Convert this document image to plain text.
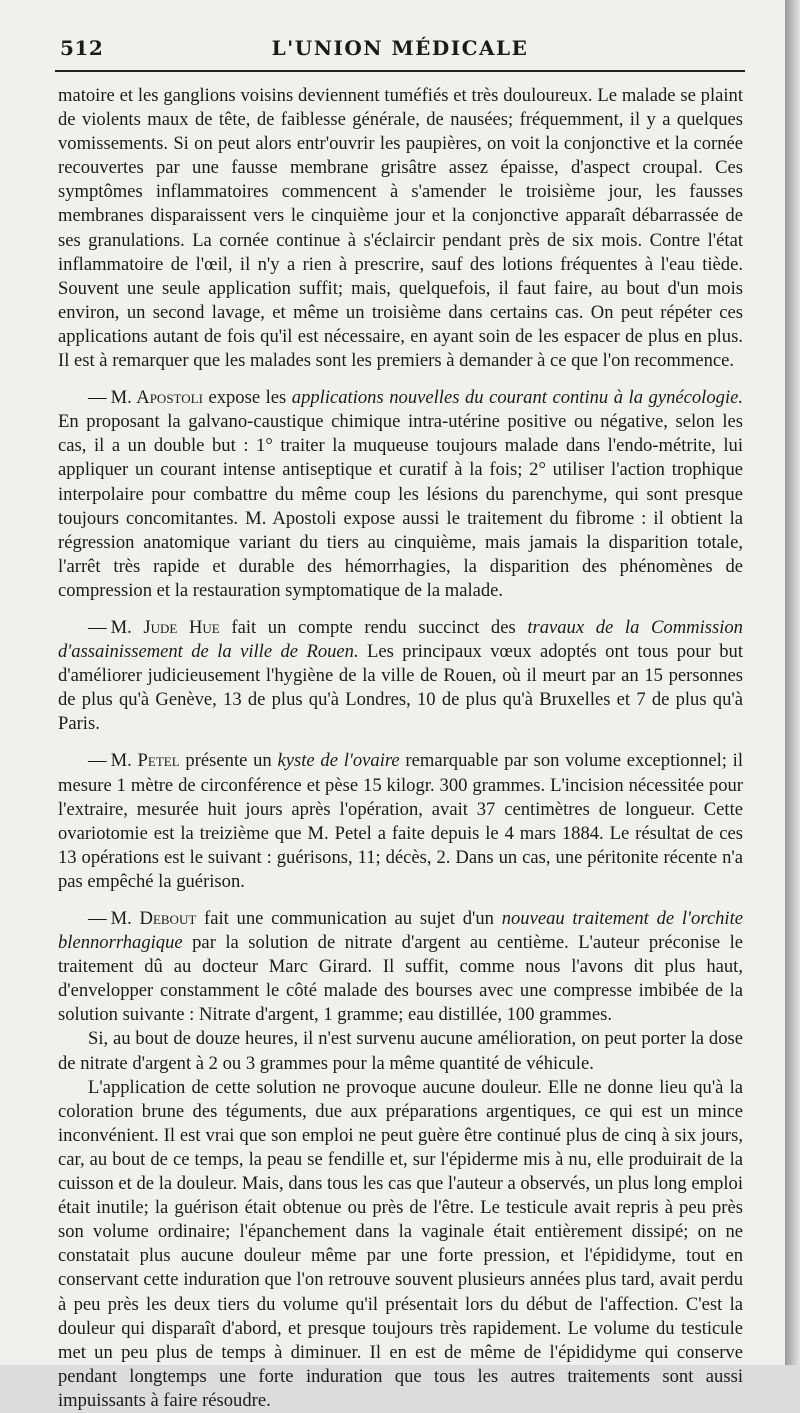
512	L'UNION MÉDICALE

matoire et les ganglions voisins deviennent tuméfiés et très douloureux. Le malade se plaint de violents maux de tête, de faiblesse générale, de nausées; fréquemment, il y a quelques vomissements. Si on peut alors entr'ouvrir les paupières, on voit la conjonctive et la cornée recouvertes par une fausse membrane grisâtre assez épaisse, d'aspect croupal. Ces symptômes inflammatoires commencent à s'amender le troisième jour, les fausses membranes disparaissent vers le cinquième jour et la conjonctive apparaît débarrassée de ses granulations. La cornée continue à s'éclaircir pendant près de six mois. Contre l'état inflammatoire de l'œil, il n'y a rien à prescrire, sauf des lotions fréquentes à l'eau tiède. Souvent une seule application suffit; mais, quelquefois, il faut faire, au bout d'un mois environ, un second lavage, et même un troisième dans certains cas. On peut répéter ces applications autant de fois qu'il est nécessaire, en ayant soin de les espacer de plus en plus. Il est à remarquer que les malades sont les premiers à demander à ce que l'on recommence.

— M. Apostoli expose les applications nouvelles du courant continu à la gynécologie. En proposant la galvano-caustique chimique intra-utérine positive ou négative, selon les cas, il a un double but : 1° traiter la muqueuse toujours malade dans l'endo-métrite, lui appliquer un courant intense antiseptique et curatif à la fois; 2° utiliser l'action trophique interpolaire pour combattre du même coup les lésions du parenchyme, qui sont presque toujours concomitantes. M. Apostoli expose aussi le traitement du fibrome : il obtient la régression anatomique variant du tiers au cinquième, mais jamais la disparition totale, l'arrêt très rapide et durable des hémorrhagies, la disparition des phénomènes de compression et la restauration symptomatique de la malade.

— M. Jude Hue fait un compte rendu succinct des travaux de la Commission d'assainissement de la ville de Rouen. Les principaux vœux adoptés ont tous pour but d'améliorer judicieusement l'hygiène de la ville de Rouen, où il meurt par an 15 personnes de plus qu'à Genève, 13 de plus qu'à Londres, 10 de plus qu'à Bruxelles et 7 de plus qu'à Paris.

— M. Petel présente un kyste de l'ovaire remarquable par son volume exceptionnel; il mesure 1 mètre de circonférence et pèse 15 kilogr. 300 grammes. L'incision nécessitée pour l'extraire, mesurée huit jours après l'opération, avait 37 centimètres de longueur. Cette ovariotomie est la treizième que M. Petel a faite depuis le 4 mars 1884. Le résultat de ces 13 opérations est le suivant : guérisons, 11; décès, 2. Dans un cas, une péritonite récente n'a pas empêché la guérison.

— M. Debout fait une communication au sujet d'un nouveau traitement de l'orchite blennorrhagique par la solution de nitrate d'argent au centième. L'auteur préconise le traitement dû au docteur Marc Girard. Il suffit, comme nous l'avons dit plus haut, d'envelopper constamment le côté malade des bourses avec une compresse imbibée de la solution suivante : Nitrate d'argent, 1 gramme; eau distillée, 100 grammes.

Si, au bout de douze heures, il n'est survenu aucune amélioration, on peut porter la dose de nitrate d'argent à 2 ou 3 grammes pour la même quantité de véhicule.

L'application de cette solution ne provoque aucune douleur. Elle ne donne lieu qu'à la coloration brune des téguments, due aux préparations argentiques, ce qui est un mince inconvénient. Il est vrai que son emploi ne peut guère être continué plus de cinq à six jours, car, au bout de ce temps, la peau se fendille et, sur l'épiderme mis à nu, elle produirait de la cuisson et de la douleur. Mais, dans tous les cas que l'auteur a observés, un plus long emploi était inutile; la guérison était obtenue ou près de l'être. Le testicule avait repris à peu près son volume ordinaire; l'épanchement dans la vaginale était entièrement dissipé; on ne constatait plus aucune douleur même par une forte pression, et l'épididyme, tout en conservant cette induration que l'on retrouve souvent plusieurs années plus tard, avait perdu à peu près les deux tiers du volume qu'il présentait lors du début de l'affection. C'est la douleur qui disparaît d'abord, et presque toujours très rapidement. Le volume du testicule met un peu plus de temps à diminuer. Il en est de même de l'épididyme qui conserve pendant longtemps une forte induration que tous les autres traitements sont aussi impuissants à faire résoudre.
